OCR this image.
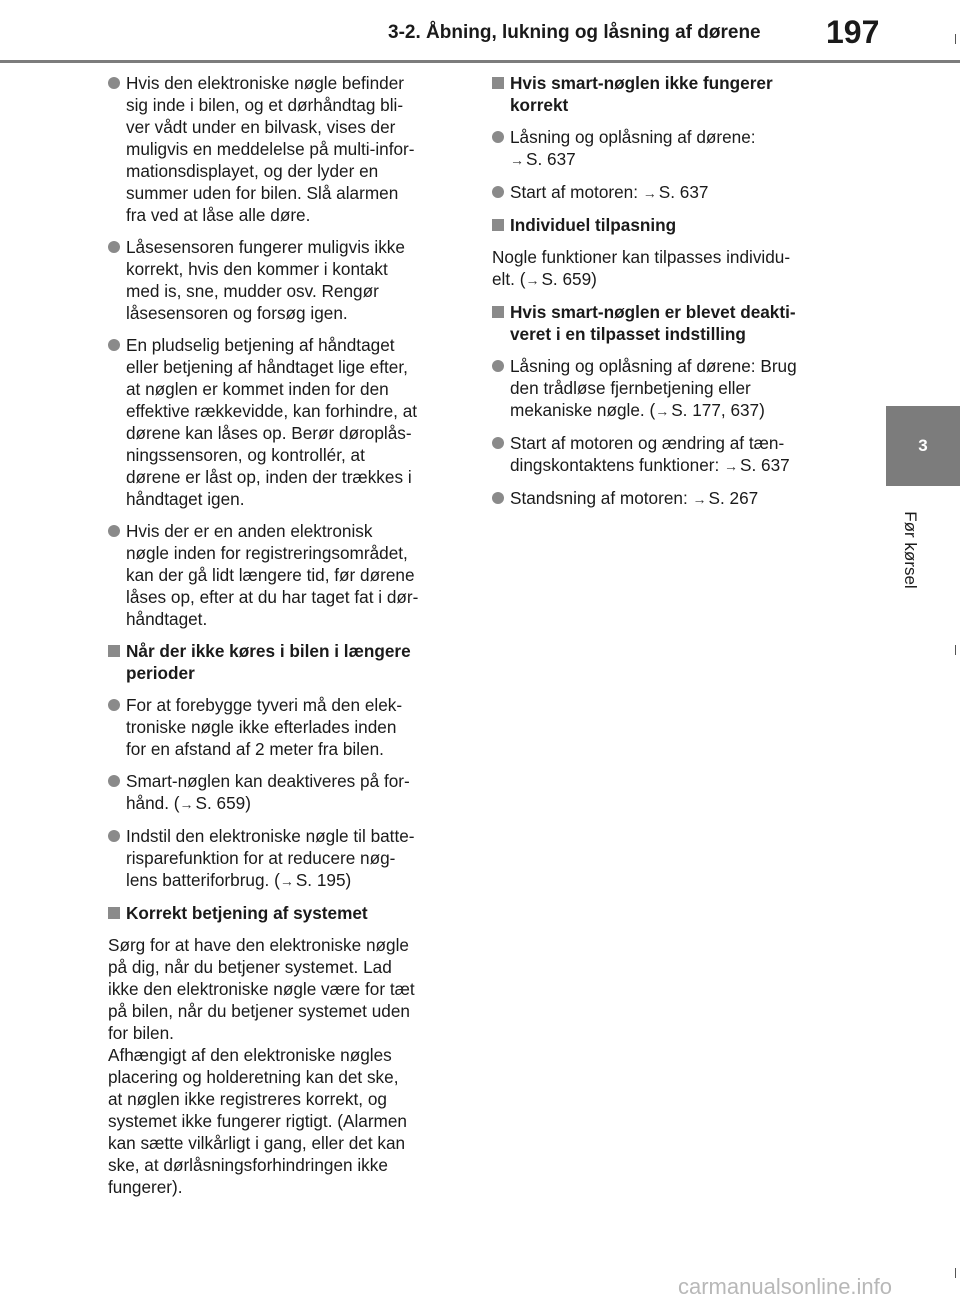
3-2. Åbning, lukning og låsning af dørene 197
3
Før kørsel
Hvis den elektroniske nøgle befinder
sig inde i bilen, og et dørhåndtag bli-
ver vådt under en bilvask, vises der
muligvis en meddelelse på multi-infor-
mationsdisplayet, og der lyder en
summer uden for bilen. Slå alarmen
fra ved at låse alle døre.
Låsesensoren fungerer muligvis ikke
korrekt, hvis den kommer i kontakt
med is, sne, mudder osv. Rengør
låsesensoren og forsøg igen.
En pludselig betjening af håndtaget
eller betjening af håndtaget lige efter,
at nøglen er kommet inden for den
effektive rækkevidde, kan forhindre, at
dørene kan låses op. Berør døroplås-
ningssensoren, og kontrollér, at
dørene er låst op, inden der trækkes i
håndtaget igen.
Hvis der er en anden elektronisk
nøgle inden for registreringsområdet,
kan der gå lidt længere tid, før dørene
låses op, efter at du har taget fat i dør-
håndtaget.
Når der ikke køres i bilen i længere
perioder
For at forebygge tyveri må den elek-
troniske nøgle ikke efterlades inden
for en afstand af 2 meter fra bilen.
Smart-nøglen kan deaktiveres på for-
hånd. (→ S. 659)
Indstil den elektroniske nøgle til batte-
risparefunktion for at reducere nøg-
lens batteriforbrug. (→ S. 195)
Korrekt betjening af systemet
Sørg for at have den elektroniske nøgle
på dig, når du betjener systemet. Lad
ikke den elektroniske nøgle være for tæt
på bilen, når du betjener systemet uden
for bilen.
Afhængigt af den elektroniske nøgles
placering og holderetning kan det ske,
at nøglen ikke registreres korrekt, og
systemet ikke fungerer rigtigt. (Alarmen
kan sætte vilkårligt i gang, eller det kan
ske, at dørlåsningsforhindringen ikke
fungerer).
Hvis smart-nøglen ikke fungerer
korrekt
Låsning og oplåsning af dørene:
→ S. 637
Start af motoren: → S. 637
Individuel tilpasning
Nogle funktioner kan tilpasses individu-
elt. (→ S. 659)
Hvis smart-nøglen er blevet deakti-
veret i en tilpasset indstilling
Låsning og oplåsning af dørene: Brug
den trådløse fjernbetjening eller
mekaniske nøgle. (→ S. 177, 637)
Start af motoren og ændring af tæn-
dingskontaktens funktioner: → S. 637
Standsning af motoren: → S. 267
carmanualsonline.info
